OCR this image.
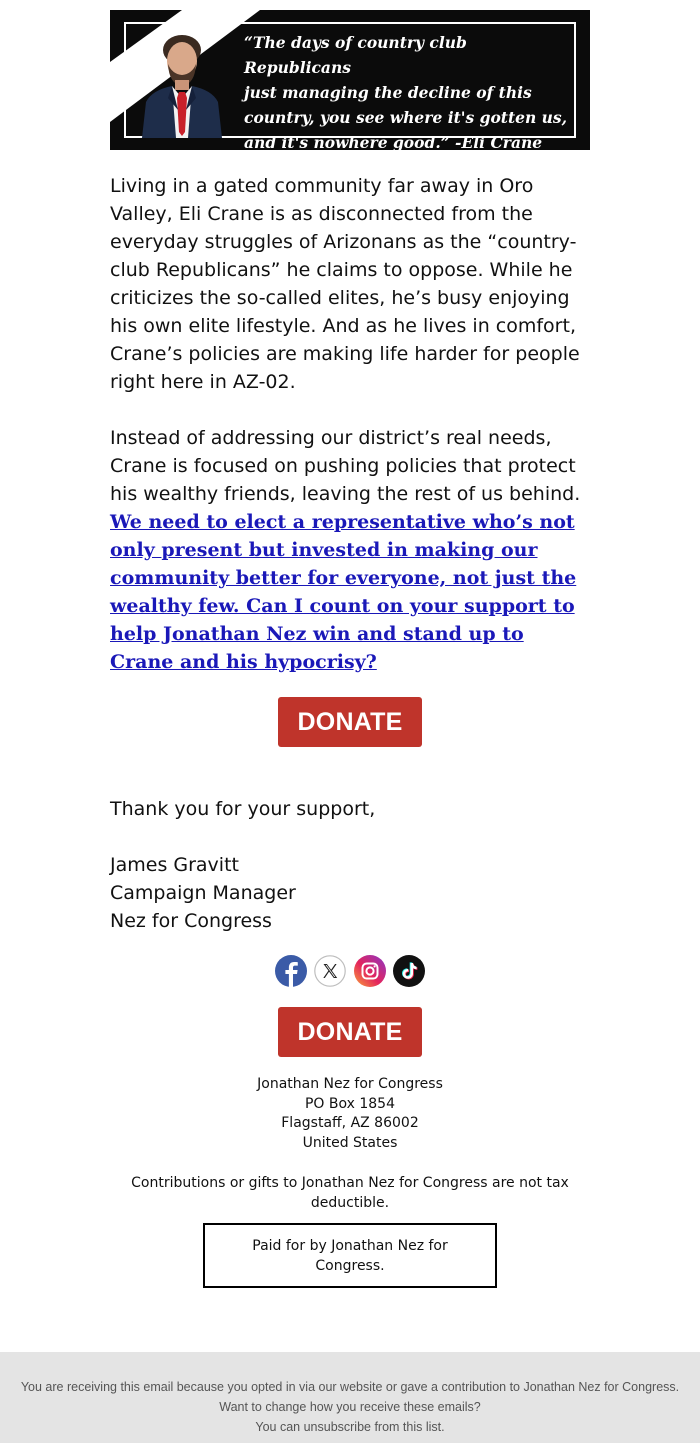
“The days of country club Republicans
just managing the decline of this
country, you see where it's gotten us,
and it's nowhere good.” -Eli Crane

Living in a gated community far away in Oro Valley, Eli Crane is as disconnected from the everyday struggles of Arizonans as the “country-club Republicans” he claims to oppose. While he criticizes the so-called elites, he’s busy enjoying his own elite lifestyle. And as he lives in comfort, Crane’s policies are making life harder for people right here in AZ-02.

Instead of addressing our district’s real needs, Crane is focused on pushing policies that protect his wealthy friends, leaving the rest of us behind. We need to elect a representative who’s not only present but invested in making our community better for everyone, not just the wealthy few. Can I count on your support to help Jonathan Nez win and stand up to Crane and his hypocrisy?

DONATE

Thank you for your support,

James Gravitt

Campaign Manager

Nez for Congress

DONATE
Jonathan Nez for Congress
PO Box 1854
Flagstaff, AZ 86002
United States
Contributions or gifts to Jonathan Nez for Congress are not tax deductible.
Paid for by Jonathan Nez for Congress.
You are receiving this email because you opted in via our website or gave a contribution to Jonathan Nez for Congress. Want to change how you receive these emails?
You can unsubscribe from this list.
